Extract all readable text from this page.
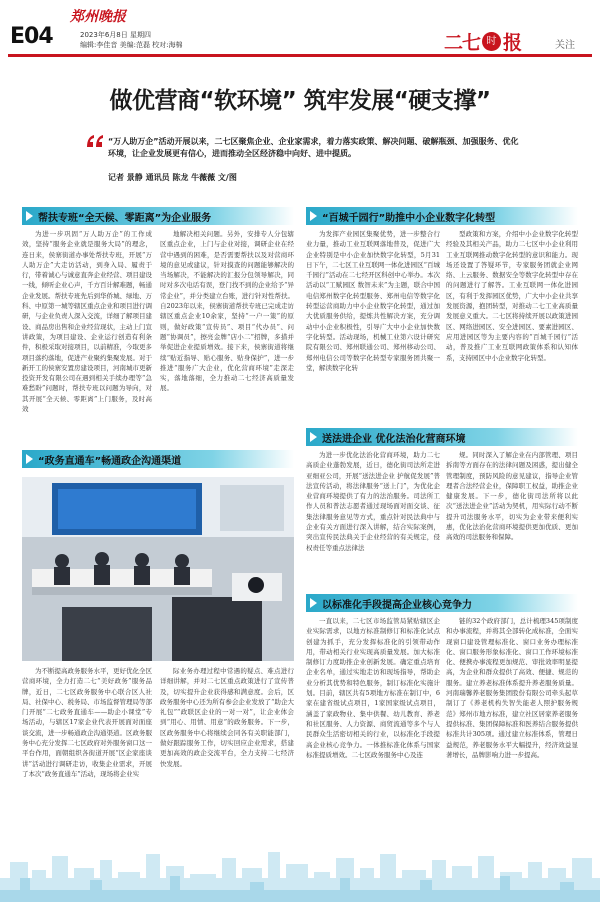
E04
郑州晚报
2023年6月8日 星期四
编辑:李佳音 美编:范磊 校对:海棉	二七 时 报	关注
做优营商“软环境” 筑牢发展“硬支撑”
“万人助万企”活动开展以来，二七区聚焦企业、企业家需求，着力落实政策、解决问题、破解瓶颈、加强服务、优化环境，让企业发展更有信心，进而推动全区经济稳中向好、进中提质。
记者 景静 通讯员 陈龙 牛薇薇 文/图
帮扶专班“全天候、零距离”为企业服务

为进一步巩固“万人助万企”的工作成效，坚持“服务企业就是服务大局”的理念，连日来，侯寨街道办事处帮扶专班，开展“万人助万企”大走访活动，到身入局、履责于行，带着诚心与诚意直奔企业经营、项目建设一线，倾听企业心声，千方百计解难题，畅通企业发展。帮扶专班先后到华侨城、绿地、万科、中原第一城等辖区重点企业和项目进行调研，与企业负责人深入交流，详细了解项目建设、商品房出售和企业经营现状，主动上门宣讲政策，为项目建设、企业运行创造有利条件，积极采取对接项目，以前精准，今取更多项目落约落地，促进产业聚约集聚发展。对于新开工的侯寨安置房建设项目，河南城市更新投资开发有限公司在遇到相关手续办理等“急难愁盼”问题时，帮扶专班以问题为导向，对其开展“全天候、零距离”上门服务，及时高效

地解决相关问题。另外，安排专人分包辖区重点企业，上门与企业对接，调研企业在经营中遇到的困难，是否需要帮扶以及对营商环境的意见或建议，针对摸查的问题能够解决的当场解决，不能解决的汇报分包领导解决，同时对多次电话有误，登门找不到的企业给予“异常企业”，并分类建立台账，进行针对性帮扶。自2023年以来，侯寨街道帮扶专班已完成走访辖区重点企业10余家，坚持“一户一策”的原则，做好政策“宣传员”、项目“代办员”、问题“协调员”，擦亮金牌“店小二”招牌，多措并举促进企业提质增效。接下来，侯寨街道将继续“贴近指导、贴心服务、贴身保护”，进一步推进“服务广大企业，优化营商环境”走深走实，落地落细，全力推动二七经济高质量发展。

“政务直通车”畅通政企沟通渠道

为不断提高政务服务水平，更好优化全区营商环境，全力打造二七“美好政务”服务品牌，近日，二七区政务服务中心联合区人社局、社保中心、税务局、市场监督管理局等部门开展“二七政务直通车——助企小课堂”专场活动，与辖区17家企业代表开展面对面座谈交流，进一步畅通政企沟通渠道。区政务服务中心充分发挥二七区政府对外服务窗口这一平台作用，面朝组织各街道开展“区企家座谈讲”活动进行调研走访，收集企业需求，开展了本次“政务直通车”活动，现场将企业实

际业务办理过程中常遇的疑点、难点进行详细讲解，并对二七区重点政策进行了宣传普及，切实提升企业获得感和满意度。会后，区政务服务中心还为所有参会企业发放了“助企大礼包”“政联区企业的一对一对”，让企业体会到“用心、用情、用意”的政务服务。下一步，区政务服务中心将继续会同各有关职能部门，做好跟踪服务工作，切实回应企业需求，搭建更加高效的政企交流平台，全力支持二七经济快发展。

“百城千园行”助推中小企业数字化转型

为发挥产业园区集聚优势，进一步整合行业力量，推动工业互联网落地普及，促进广大企业特别是中小企业加快数字化转型，5月31日下午，二七区工业互联网一体化进园区“百城千园行”活动在二七经开区科创中心举办。本次活动以“工赋园区 数智未来”为主题，联合中国电信郑州数字化转型服务、郑州电信等数字化转型运营商助力中小企业数字化转型，通过加大优质服务供给，提炼共性解决方案，充分调动中小企业积极性，引导广大中小企业加快数字化转型。活动现场，机械工业第六设计研究院有限公司、郑州联通公司、郑州移动公司、郑州电信公司等数字化转型专家服务团共聚一堂，解读数字化转

型政策和方案，介绍中小企业数字化转型经验及其相关产品，助力二七区中小企业利用工业互联网推动数字化转型的意识和能力。现场还设置了答疑环节，专家服务团就企业网络、上云服务、数据安全等数字化转型中存在的问题进行了解答。工业互联网一体化进园区，有利于发挥园区优势，广大中小企业共享发展资源，抱团转型，对推动二七工业高质量发展意义重大。二七区将持续开展以政策进园区、网络进园区、安全进园区、要素进园区、应用进园区等为主要内容的“百城千园行”活动，普及推广工业互联网政策体系和认知体系，支持园区中小企业数字化转型。

送法进企业 优化法治化营商环境

为进一步优化法治化营商环境，助力二七高质企业蓬勃发展，近日，德化街司法所走进亚细亚公司，开展“送法进企业 护航促发展”普法宣传活动，将法律服务“送上门”，为优化企业营商环境提供了有力的法治服务。司法所工作人员和普法志愿者通过现场面对面交谈、征集法律服务意见等方式，重点针对民法典中与企业有关方面进行深入讲解，结合实际案例，突出宣传民法典关于企业经营的有关规定，侵权责任等重点法律法

规。同时深入了解企业在内部管理、项目拆南等方面存在的法律问题及困惑，提出健全管理制度，预防风险的意见建议，指导企业管理者合法经营企业，保障职工权益，助推企业健康发展。下一步，德化街司法所将以此次“送法进企业”活动为契机，用实际行动不断提升司法服务水平，切实为企业带来便利实惠，优化法治化营商环境提供更加优质、更加高效的司法服务和保障。

以标准化手段提高企业核心竞争力

一直以来，二七区市场监管局紧贴辖区企业实际需求，以地方标准制修订和标准化试点创建为抓手，充分发挥标准化的引领带动作用，带动相关行业实现高质量发展。加大标准制修订力度助推企业创新发展。确定重点培育企业名单，通过实地走访和现场指导，帮助企业分析其优势和特色服务，制订标准化实施计划。目前，辖区共有5项地方标准在制订中，6家在建省级试点项目，1家国家级试点项目，涵盖了家政物业、集中供餐、幼儿教育、养老和社区服务、人力资源、商贸流通等多个与人民群众生活密切相关的行业，以标准化手段提高企业核心竞争力。一体推标准化体系与国家标准提质增效。二七区政务服务中心及连

链的32个政府部门，总计梳理345项制度和办事流程，并将其全部转化成标准，全面实现窗口建设管理标准化、窗口业务办理标准化、窗口服务形象标准化、窗口工作环境标准化、便携办事流程更加规范、审批效率明显提高，为企业和群众提供了高效、便捷、规范的服务。建立养老标准体系提升养老服务质量。河南瑞馨养老服务集团股份有限公司牵头起草制订了《养老机构失智失能老人照护服务规范》郑州市地方标准，建立社区居家养老服务提供标准、集团保障标准和医养结合服务提供标准共计305项。通过建立标准体系，管理日益规范，养老服务水平大幅提升，经济效益显著增长，品牌影响力进一步提高。
